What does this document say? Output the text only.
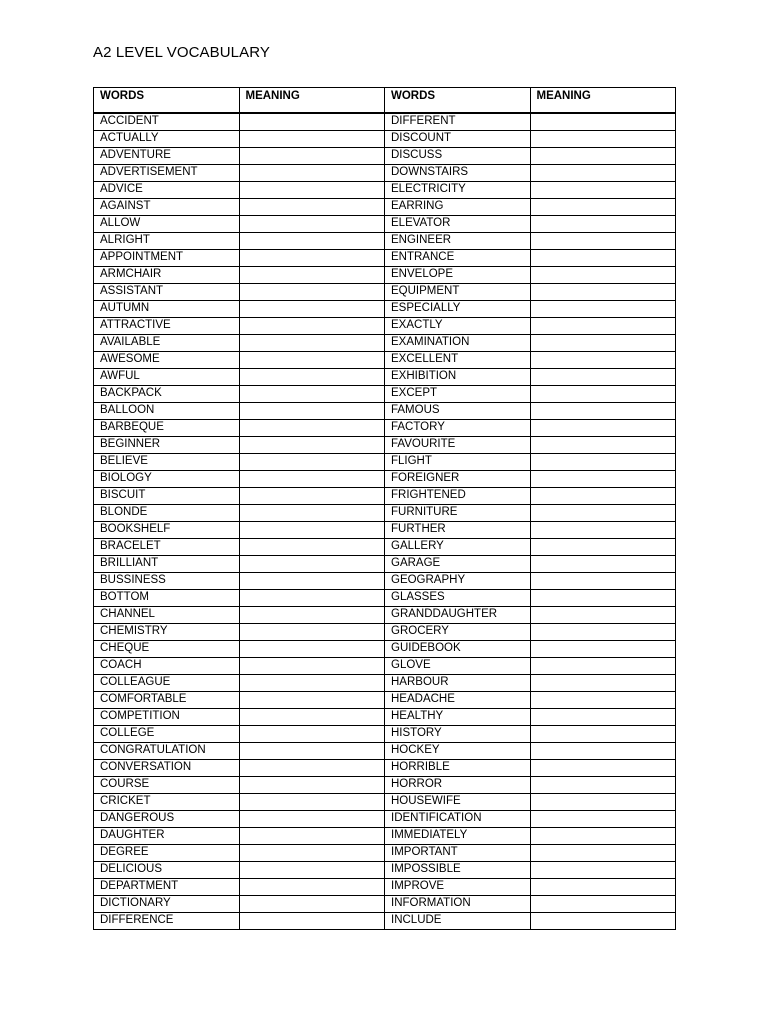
A2 LEVEL VOCABULARY
WORDS	MEANING	WORDS	MEANING
ACCIDENT		DIFFERENT	
ACTUALLY		DISCOUNT	
ADVENTURE		DISCUSS	
ADVERTISEMENT		DOWNSTAIRS	
ADVICE		ELECTRICITY	
AGAINST		EARRING	
ALLOW		ELEVATOR	
ALRIGHT		ENGINEER	
APPOINTMENT		ENTRANCE	
ARMCHAIR		ENVELOPE	
ASSISTANT		EQUIPMENT	
AUTUMN		ESPECIALLY	
ATTRACTIVE		EXACTLY	
AVAILABLE		EXAMINATION	
AWESOME		EXCELLENT	
AWFUL		EXHIBITION	
BACKPACK		EXCEPT	
BALLOON		FAMOUS	
BARBEQUE		FACTORY	
BEGINNER		FAVOURITE	
BELIEVE		FLIGHT	
BIOLOGY		FOREIGNER	
BISCUIT		FRIGHTENED	
BLONDE		FURNITURE	
BOOKSHELF		FURTHER	
BRACELET		GALLERY	
BRILLIANT		GARAGE	
BUSSINESS		GEOGRAPHY	
BOTTOM		GLASSES	
CHANNEL		GRANDDAUGHTER	
CHEMISTRY		GROCERY	
CHEQUE		GUIDEBOOK	
COACH		GLOVE	
COLLEAGUE		HARBOUR	
COMFORTABLE		HEADACHE	
COMPETITION		HEALTHY	
COLLEGE		HISTORY	
CONGRATULATION		HOCKEY	
CONVERSATION		HORRIBLE	
COURSE		HORROR	
CRICKET		HOUSEWIFE	
DANGEROUS		IDENTIFICATION	
DAUGHTER		IMMEDIATELY	
DEGREE		IMPORTANT	
DELICIOUS		IMPOSSIBLE	
DEPARTMENT		IMPROVE	
DICTIONARY		INFORMATION	
DIFFERENCE		INCLUDE	
